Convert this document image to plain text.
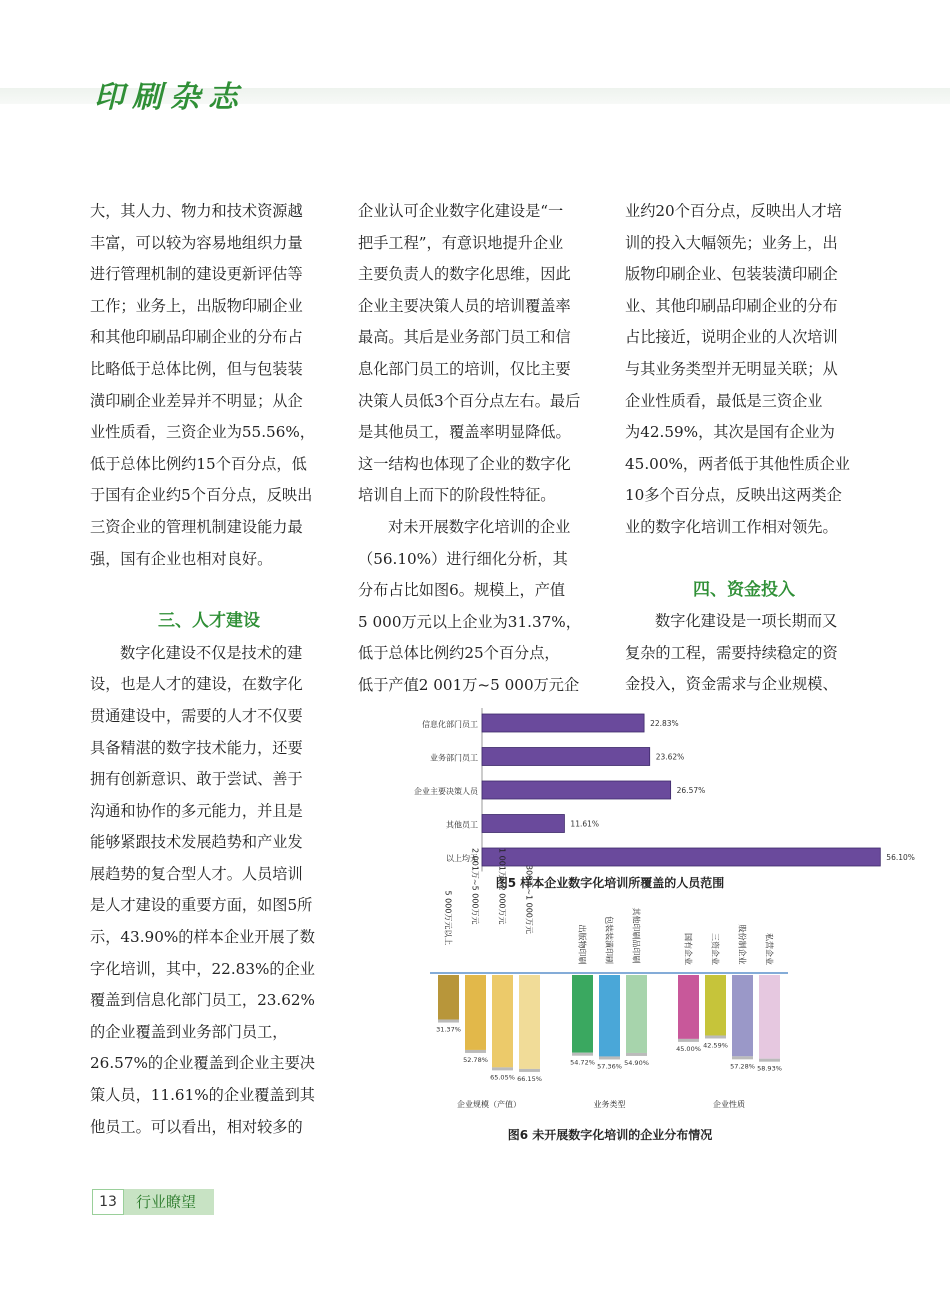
印刷杂志

大，其人力、物力和技术资源越

丰富，可以较为容易地组织力量

进行管理机制的建设更新评估等

工作；业务上，出版物印刷企业

和其他印刷品印刷企业的分布占

比略低于总体比例，但与包装装

潢印刷企业差异并不明显；从企

业性质看，三资企业为55.56%，

低于总体比例约15个百分点，低

于国有企业约5个百分点，反映出

三资企业的管理机制建设能力最

强，国有企业也相对良好。

三、人才建设

数字化建设不仅是技术的建

设，也是人才的建设，在数字化

贯通建设中，需要的人才不仅要

具备精湛的数字技术能力，还要

拥有创新意识、敢于尝试、善于

沟通和协作的多元能力，并且是

能够紧跟技术发展趋势和产业发

展趋势的复合型人才。人员培训

是人才建设的重要方面，如图5所

示，43.90%的样本企业开展了数

字化培训，其中，22.83%的企业

覆盖到信息化部门员工，23.62%

的企业覆盖到业务部门员工，

26.57%的企业覆盖到企业主要决

策人员，11.61%的企业覆盖到其

他员工。可以看出，相对较多的

企业认可企业数字化建设是“一

把手工程”，有意识地提升企业

主要负责人的数字化思维，因此

企业主要决策人员的培训覆盖率

最高。其后是业务部门员工和信

息化部门员工的培训，仅比主要

决策人员低3个百分点左右。最后

是其他员工，覆盖率明显降低。

这一结构也体现了企业的数字化

培训自上而下的阶段性特征。

对未开展数字化培训的企业

（56.10%）进行细化分析，其

分布占比如图6。规模上，产值

5 000万元以上企业为31.37%，

低于总体比例约25个百分点，

低于产值2 001万~5 000万元企

业约20个百分点，反映出人才培

训的投入大幅领先；业务上，出

版物印刷企业、包装装潢印刷企

业、其他印刷品印刷企业的分布

占比接近，说明企业的人次培训

与其业务类型并无明显关联；从

企业性质看，最低是三资企业

为42.59%，其次是国有企业为

45.00%，两者低于其他性质企业

10多个百分点，反映出这两类企

业的数字化培训工作相对领先。

四、资金投入

数字化建设是一项长期而又

复杂的工程，需要持续稳定的资

金投入，资金需求与企业规模、

信息化部门员工	22.83%
业务部门员工	23.62%
企业主要决策人员	26.57%
其他员工	11.61%
以上均无	56.10%
图5 样本企业数字化培训所覆盖的人员范围
5 000万元以上
31.37%
2 001万~5 000万元
52.78%
1 001万~2 000万元
65.05%
300万~1 000万元
66.15%
企业规模（产值）
出版物印刷
54.72%
包装装潢印刷
57.36%
其他印刷品印刷
54.90%
业务类型
国有企业
45.00%
三资企业
42.59%
股份制企业
57.28%
私营企业
58.93%
企业性质
图6 未开展数字化培训的企业分布情况
13	行业瞭望
